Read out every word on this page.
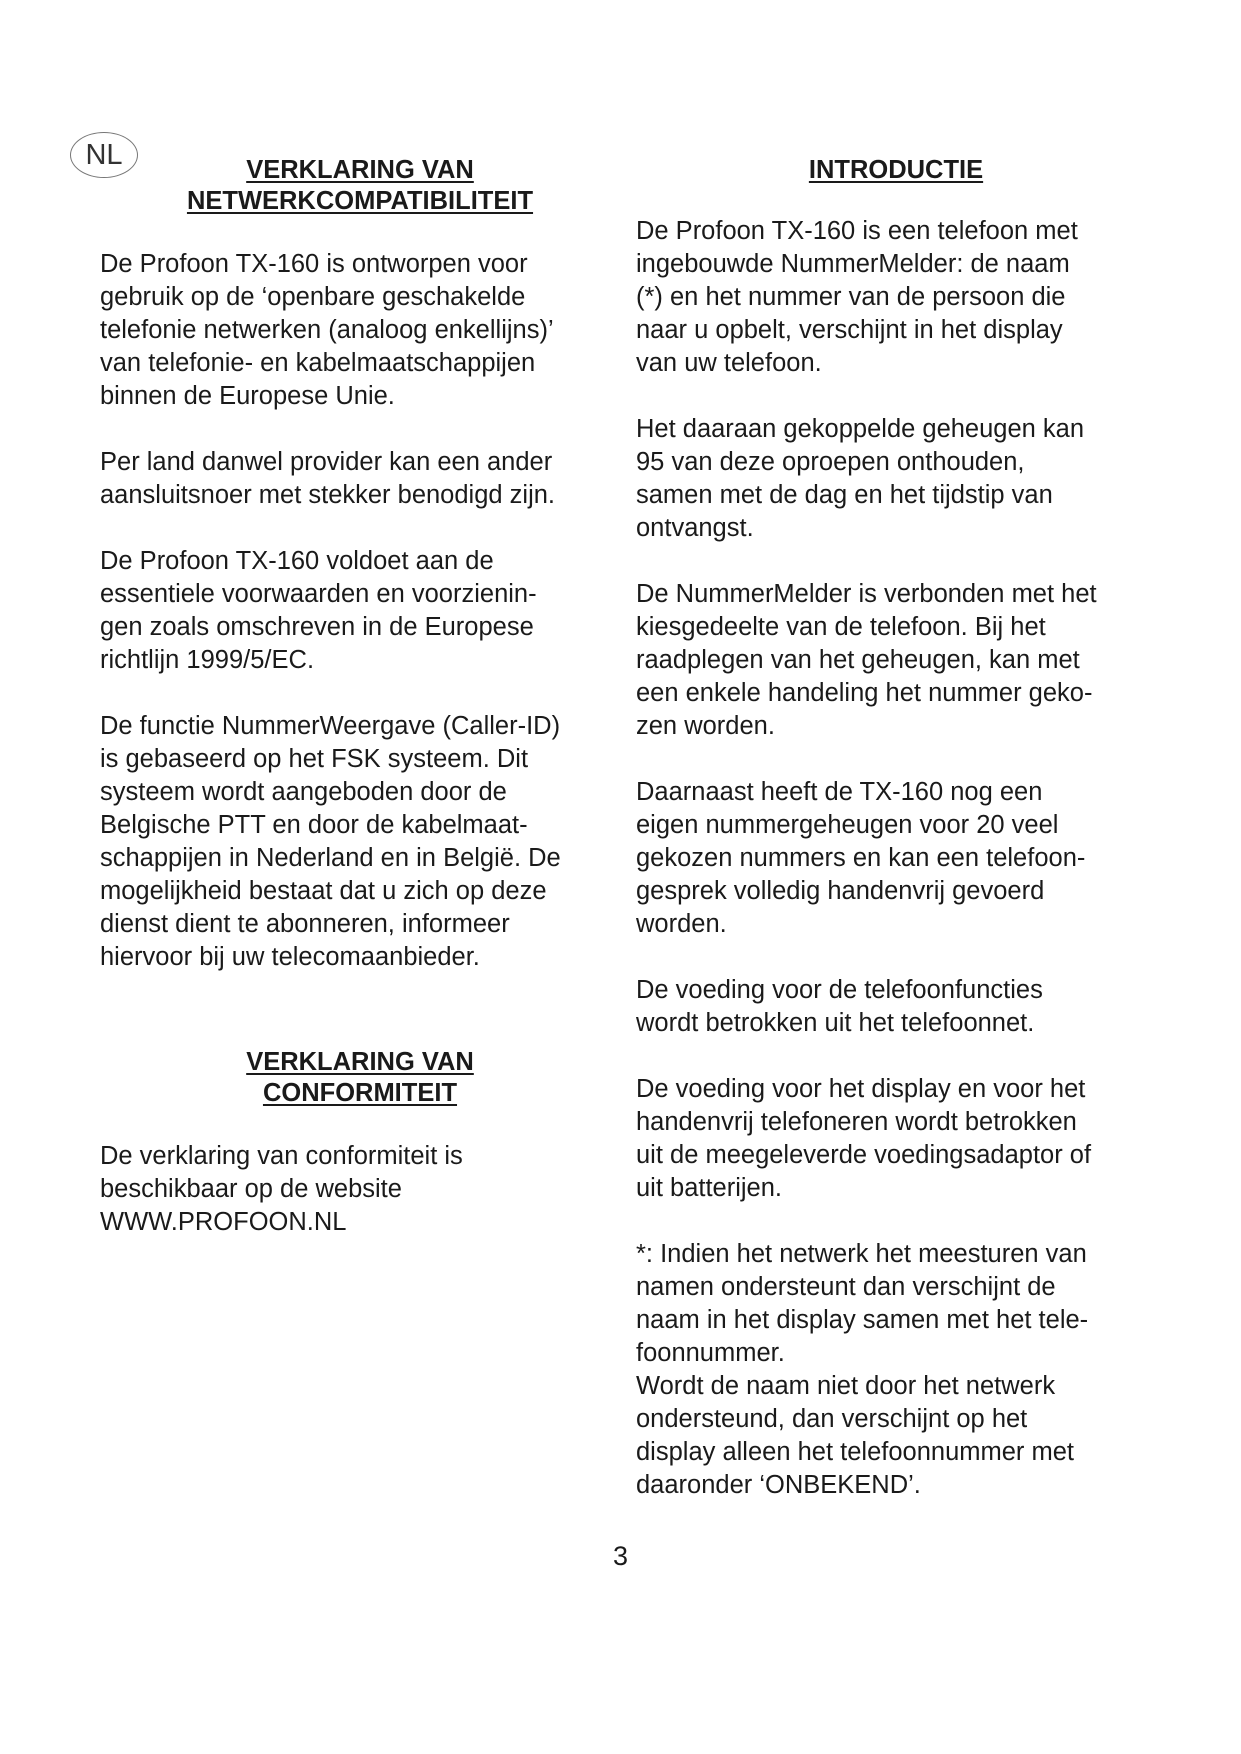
NL	VERKLARING VAN
NETWERKCOMPATIBILITEIT

De Profoon TX-160 is ontworpen voor
gebruik op de ‘openbare geschakelde
telefonie netwerken (analoog enkellijns)’
van telefonie- en kabelmaatschappijen
binnen de Europese Unie.

Per land danwel provider kan een ander
aansluitsnoer met stekker benodigd zijn.

De Profoon TX-160 voldoet aan de
essentiele voorwaarden en voorzienin-
gen zoals omschreven in de Europese
richtlijn 1999/5/EC.

De functie NummerWeergave (Caller-ID)
is gebaseerd op het FSK systeem. Dit
systeem wordt aangeboden door de
Belgische PTT en door de kabelmaat-
schappijen in Nederland en in België. De
mogelijkheid bestaat dat u zich op deze
dienst dient te abonneren, informeer
hiervoor bij uw telecomaanbieder.

VERKLARING VAN
CONFORMITEIT

De verklaring van conformiteit is
beschikbaar op de website
WWW.PROFOON.NL

INTRODUCTIE

De Profoon TX-160 is een telefoon met
ingebouwde NummerMelder: de naam
(*) en het nummer van de persoon die
naar u opbelt, verschijnt in het display
van uw telefoon.

Het daaraan gekoppelde geheugen kan
95 van deze oproepen onthouden,
samen met de dag en het tijdstip van
ontvangst.

De NummerMelder is verbonden met het
kiesgedeelte van de telefoon. Bij het
raadplegen van het geheugen, kan met
een enkele handeling het nummer geko-
zen worden.

Daarnaast heeft de TX-160 nog een
eigen nummergeheugen voor 20 veel
gekozen nummers en kan een telefoon-
gesprek volledig handenvrij gevoerd
worden.

De voeding voor de telefoonfuncties
wordt betrokken uit het telefoonnet.

De voeding voor het display en voor het
handenvrij telefoneren wordt betrokken
uit de meegeleverde voedingsadaptor of
uit batterijen.

*: Indien het netwerk het meesturen van
namen ondersteunt dan verschijnt de
naam in het display samen met het tele-
foonnummer.
Wordt de naam niet door het netwerk
ondersteund, dan verschijnt op het
display alleen het telefoonnummer met
daaronder ‘ONBEKEND’.

3
